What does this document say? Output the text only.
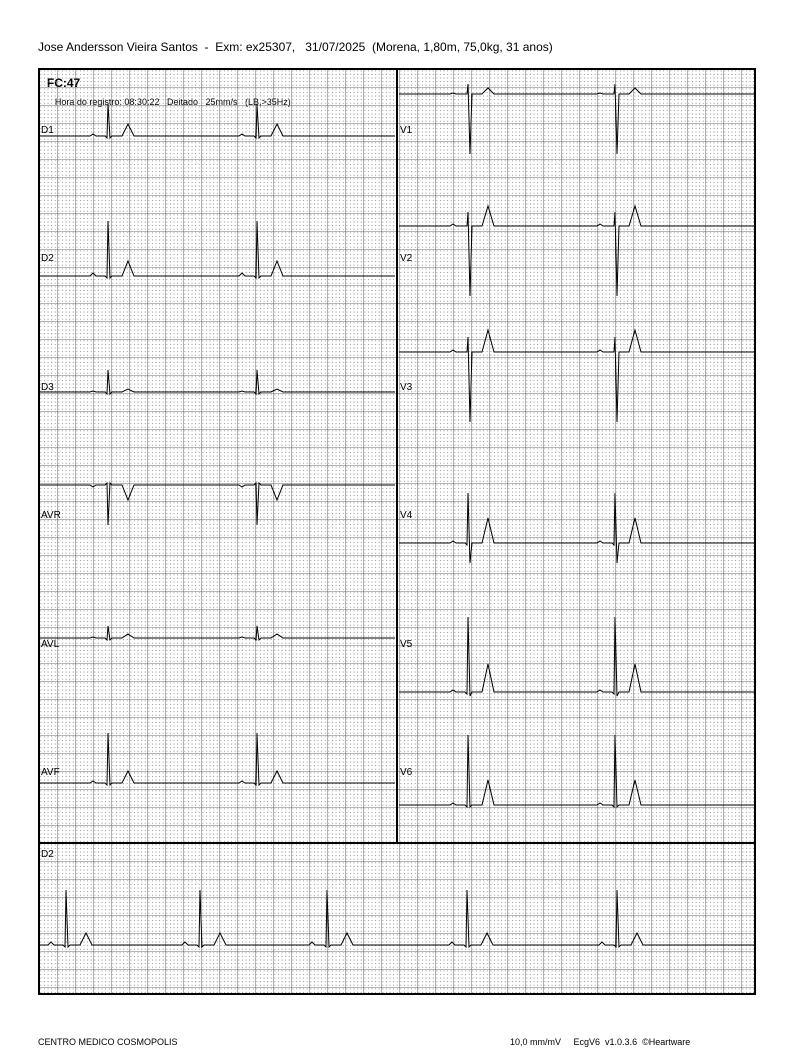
Jose Andersson Vieira Santos  -  Exm: ex25307,   31/07/2025  (Morena, 1,80m, 75,0kg, 31 anos)

D1
D2
D3
AVR
AVL
AVF
V1
V2
V3
V4
V5
V6
D2
CENTRO MEDICO COSMOPOLIS	10,0 mm/mV EcgV6  v1.0.3.6  ©Heartware
